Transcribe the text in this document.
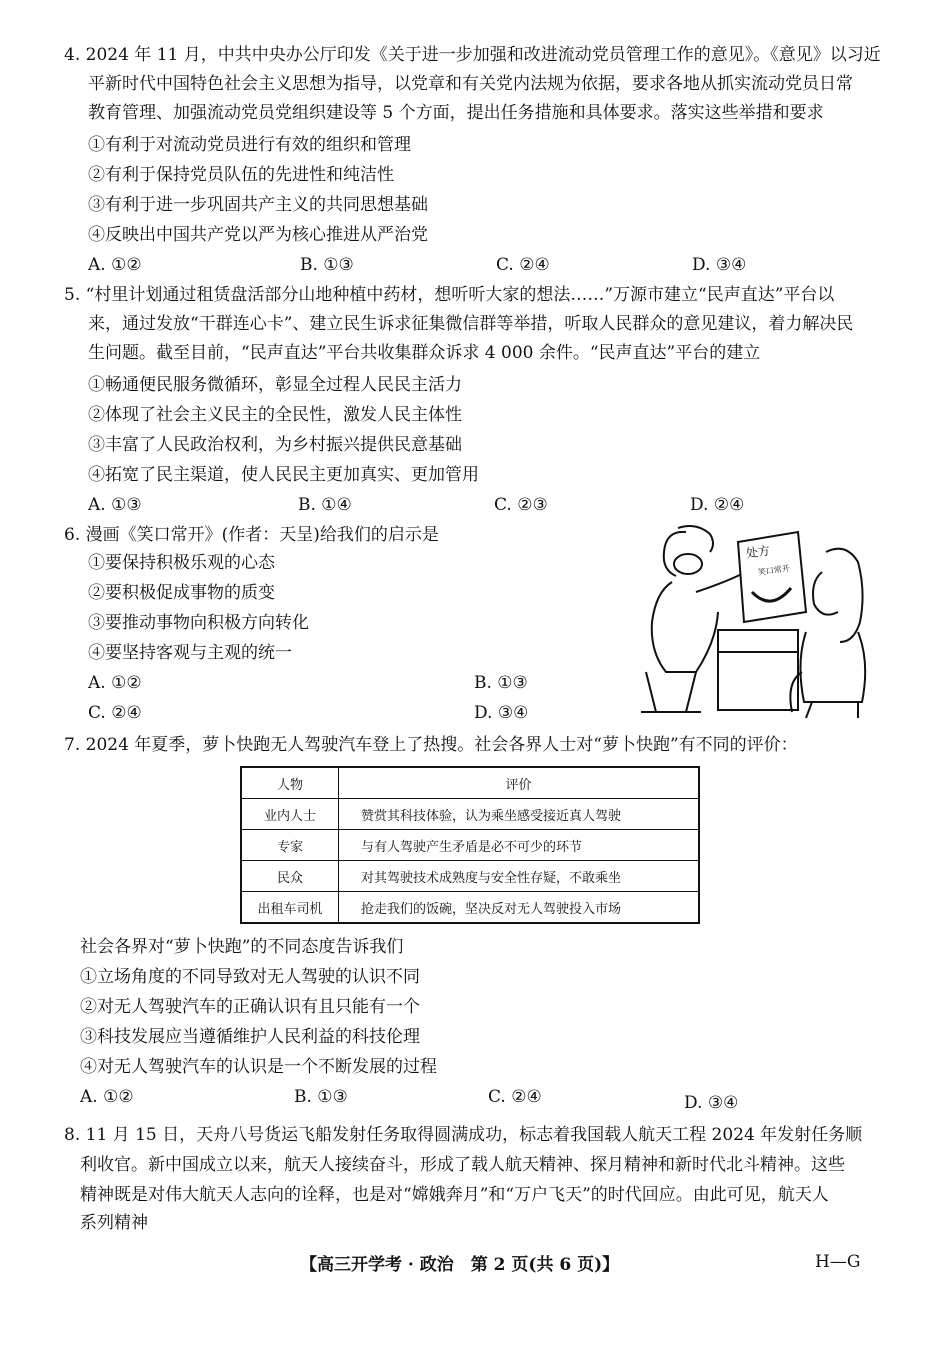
4. 2024 年 11 月，中共中央办公厅印发《关于进一步加强和改进流动党员管理工作的意见》。《意见》以习近
平新时代中国特色社会主义思想为指导，以党章和有关党内法规为依据，要求各地从抓实流动党员日常
教育管理、加强流动党员党组织建设等 5 个方面，提出任务措施和具体要求。落实这些举措和要求
①有利于对流动党员进行有效的组织和管理
②有利于保持党员队伍的先进性和纯洁性
③有利于进一步巩固共产主义的共同思想基础
④反映出中国共产党以严为核心推进从严治党
A. ①②	B. ①③	C. ②④	D. ③④
5. “村里计划通过租赁盘活部分山地种植中药材，想听听大家的想法……”万源市建立“民声直达”平台以
来，通过发放“干群连心卡”、建立民生诉求征集微信群等举措，听取人民群众的意见建议，着力解决民
生问题。截至目前，“民声直达”平台共收集群众诉求 4 000 余件。“民声直达”平台的建立
①畅通便民服务微循环，彰显全过程人民民主活力
②体现了社会主义民主的全民性，激发人民主体性
③丰富了人民政治权利，为乡村振兴提供民意基础
④拓宽了民主渠道，使人民民主更加真实、更加管用
A. ①③	B. ①④	C. ②③	D. ②④
6. 漫画《笑口常开》(作者：天呈)给我们的启示是
①要保持积极乐观的心态
②要积极促成事物的质变
③要推动事物向积极方向转化
④要坚持客观与主观的统一
A. ①②	B. ①③
C. ②④	D. ③④
处方
笑口常开
7. 2024 年夏季，萝卜快跑无人驾驶汽车登上了热搜。社会各界人士对“萝卜快跑”有不同的评价：
人物	评价
业内人士	赞赏其科技体验，认为乘坐感受接近真人驾驶
专家	与有人驾驶产生矛盾是必不可少的环节
民众	对其驾驶技术成熟度与安全性存疑，不敢乘坐
出租车司机	抢走我们的饭碗，坚决反对无人驾驶投入市场
社会各界对“萝卜快跑”的不同态度告诉我们
①立场角度的不同导致对无人驾驶的认识不同
②对无人驾驶汽车的正确认识有且只能有一个
③科技发展应当遵循维护人民利益的科技伦理
④对无人驾驶汽车的认识是一个不断发展的过程
A. ①②	B. ①③	C. ②④	D. ③④
8. 11 月 15 日，天舟八号货运飞船发射任务取得圆满成功，标志着我国载人航天工程 2024 年发射任务顺
利收官。新中国成立以来，航天人接续奋斗，形成了载人航天精神、探月精神和新时代北斗精神。这些
精神既是对伟大航天人志向的诠释，也是对“嫦娥奔月”和“万户飞天”的时代回应。由此可见，航天人
系列精神
【高三开学考 · 政治　第 2 页(共 6 页)】	H—G
